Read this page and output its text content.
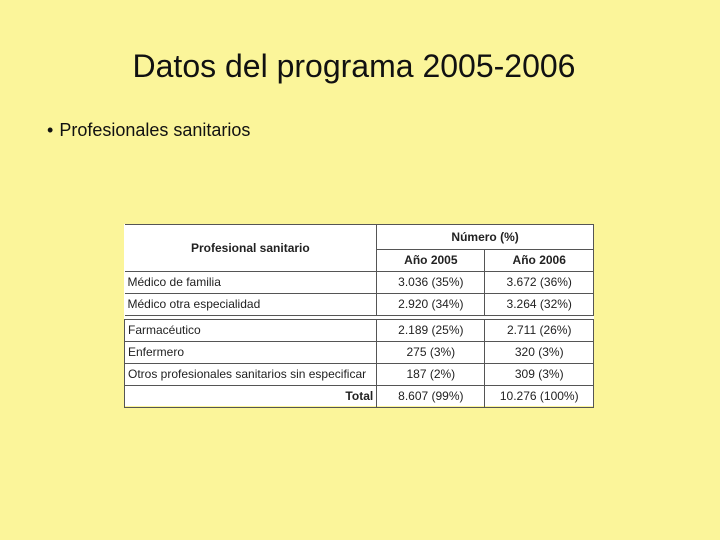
Datos del programa 2005-2006
• Profesionales sanitarios
Profesional sanitario	Número (%)	
	Año 2005	Año 2006
Médico de familia	3.036 (35%)	3.672 (36%)
Médico otra especialidad	2.920 (34%)	3.264 (32%)

Farmacéutico	2.189 (25%)	2.711 (26%)
Enfermero	275 (3%)	320 (3%)
Otros profesionales sanitarios sin especificar	187 (2%)	309 (3%)
Total	8.607 (99%)	10.276 (100%)
